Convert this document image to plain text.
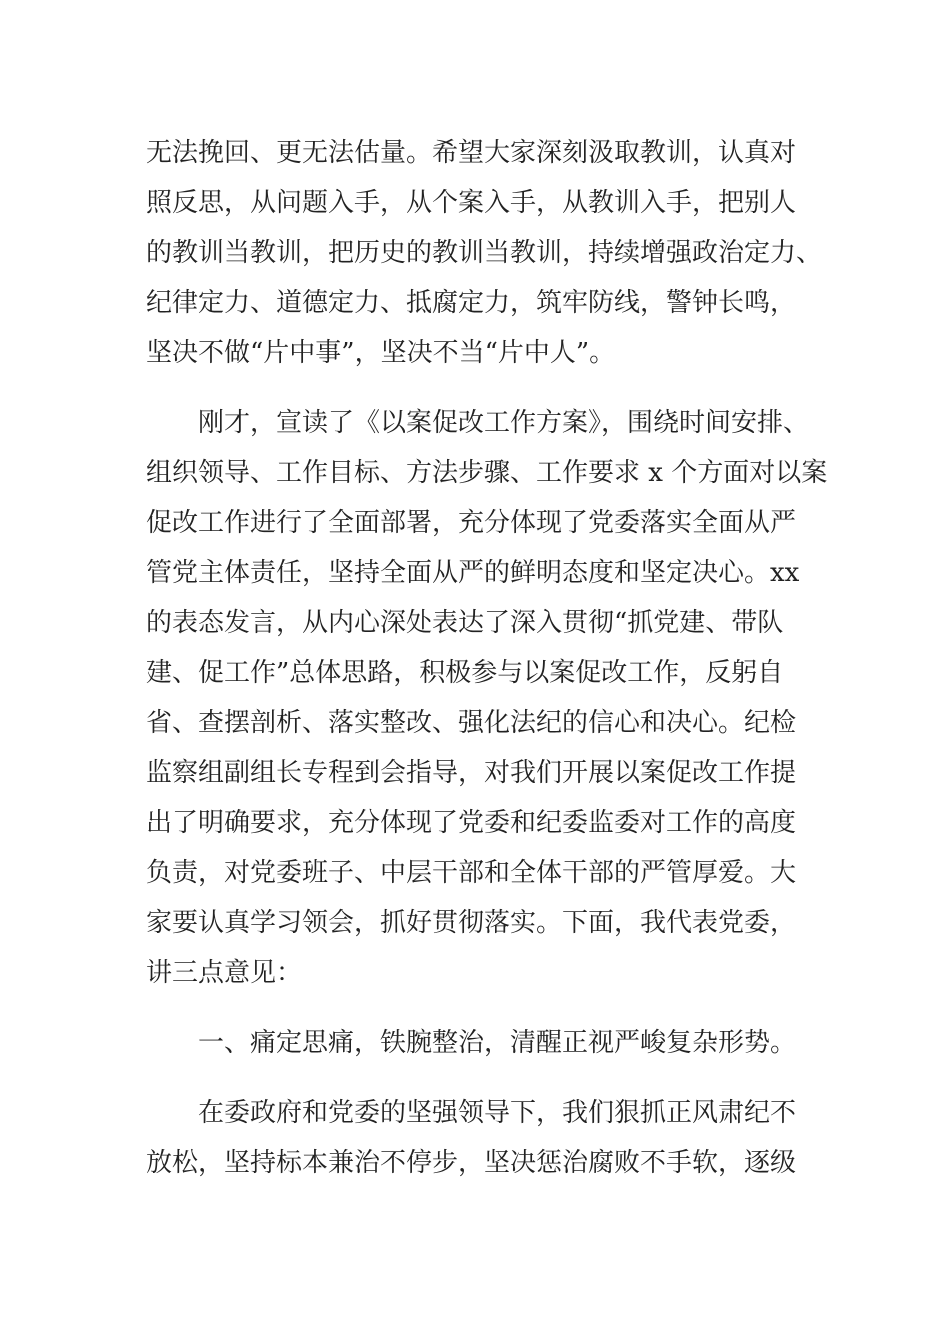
无法挽回、更无法估量。希望大家深刻汲取教训，认真对
照反思，从问题入手，从个案入手，从教训入手，把别人
的教训当教训，把历史的教训当教训，持续增强政治定力、
纪律定力、道德定力、抵腐定力，筑牢防线，警钟长鸣，
坚决不做“片中事”，坚决不当“片中人”。
刚才，宣读了《以案促改工作方案》，围绕时间安排、
组织领导、工作目标、方法步骤、工作要求 x 个方面对以案
促改工作进行了全面部署，充分体现了党委落实全面从严
管党主体责任，坚持全面从严的鲜明态度和坚定决心。xx
的表态发言，从内心深处表达了深入贯彻“抓党建、带队
建、促工作”总体思路，积极参与以案促改工作，反躬自
省、查摆剖析、落实整改、强化法纪的信心和决心。纪检
监察组副组长专程到会指导，对我们开展以案促改工作提
出了明确要求，充分体现了党委和纪委监委对工作的高度
负责，对党委班子、中层干部和全体干部的严管厚爱。大
家要认真学习领会，抓好贯彻落实。下面，我代表党委，
讲三点意见：
一、痛定思痛，铁腕整治，清醒正视严峻复杂形势。
在委政府和党委的坚强领导下，我们狠抓正风肃纪不
放松，坚持标本兼治不停步，坚决惩治腐败不手软，逐级
